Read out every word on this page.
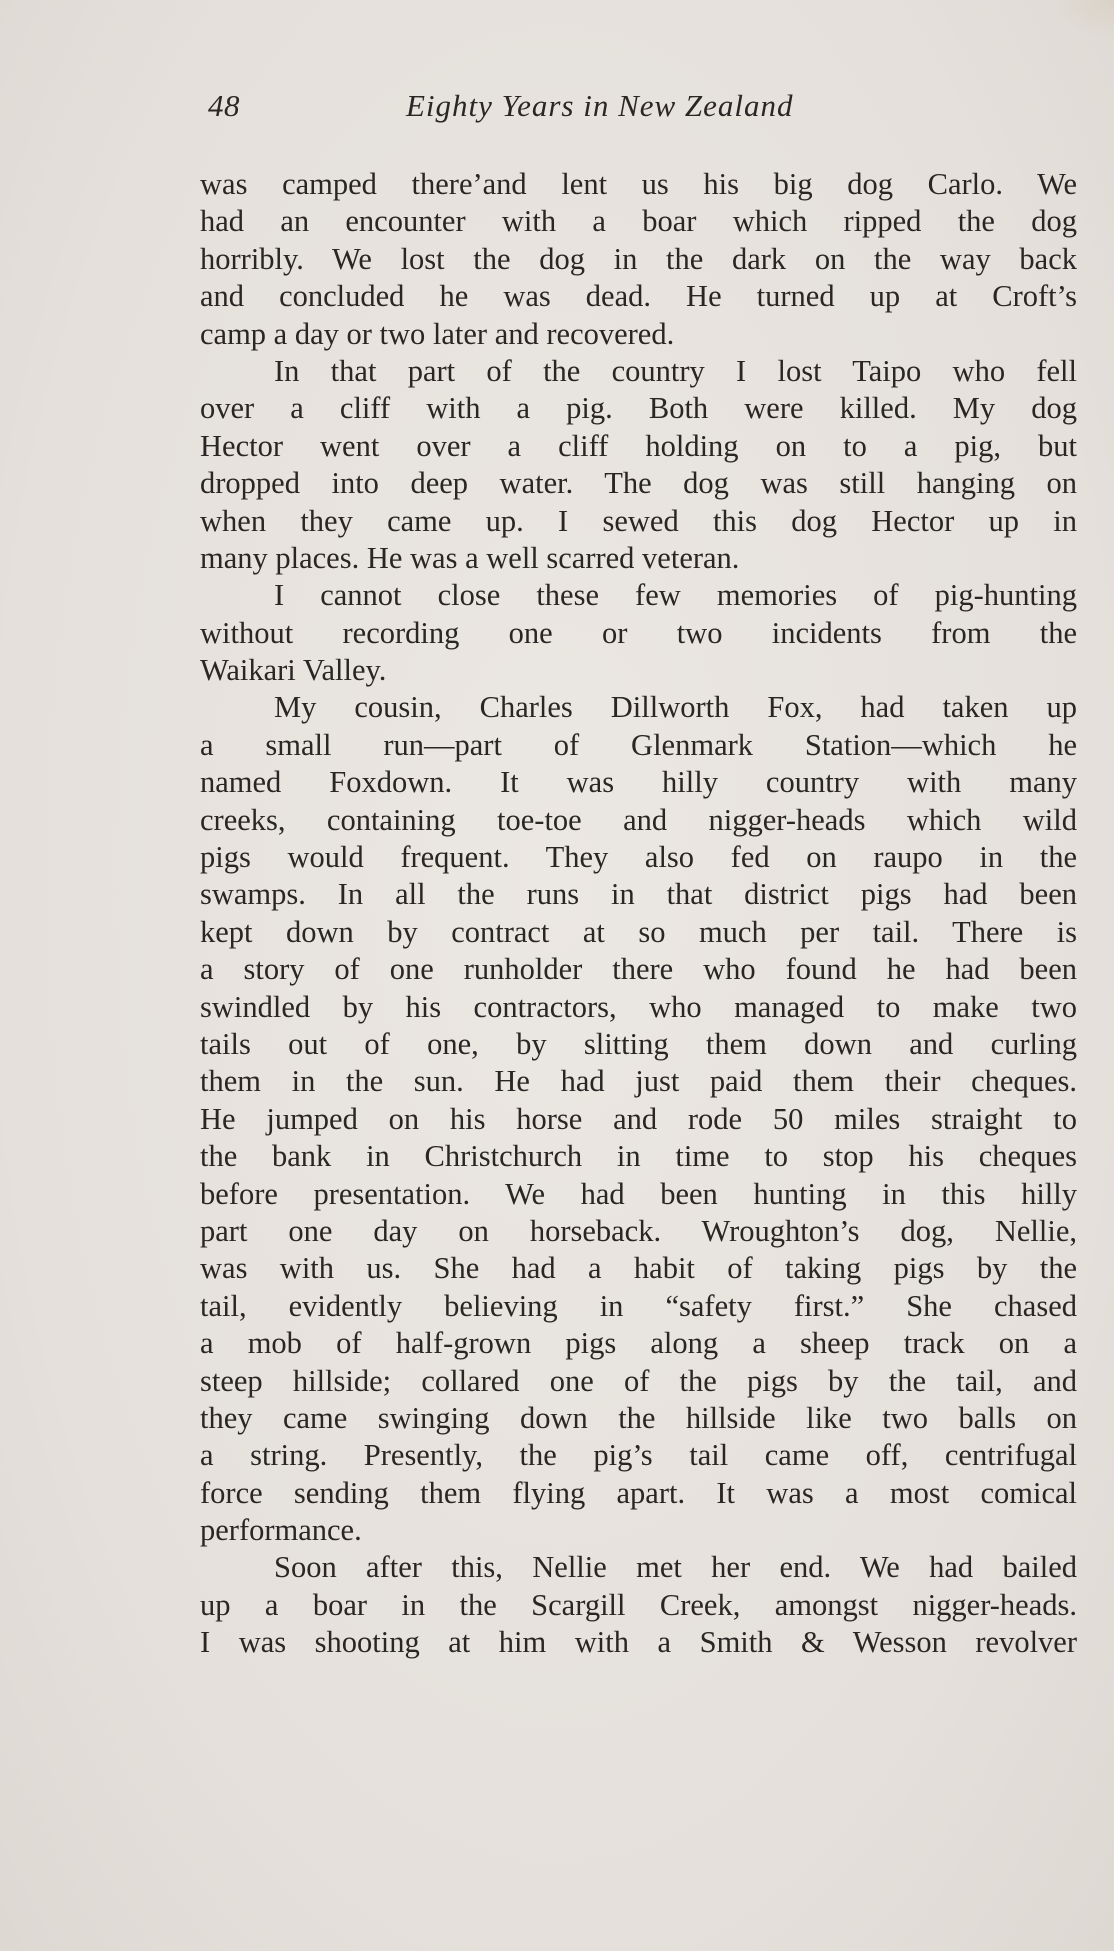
48	Eighty Years in New Zealand
was camped there’and lent us his big dog Carlo. We
had an encounter with a boar which ripped the dog
horribly. We lost the dog in the dark on the way back
and concluded he was dead. He turned up at Croft’s
camp a day or two later and recovered.
In that part of the country I lost Taipo who fell
over a cliff with a pig. Both were killed. My dog
Hector went over a cliff holding on to a pig, but
dropped into deep water. The dog was still hanging on
when they came up. I sewed this dog Hector up in
many places. He was a well scarred veteran.
I cannot close these few memories of pig-hunting
without recording one or two incidents from the
Waikari Valley.
My cousin, Charles Dillworth Fox, had taken up
a small run—part of Glenmark Station—which he
named Foxdown. It was hilly country with many
creeks, containing toe-toe and nigger-heads which wild
pigs would frequent. They also fed on raupo in the
swamps. In all the runs in that district pigs had been
kept down by contract at so much per tail. There is
a story of one runholder there who found he had been
swindled by his contractors, who managed to make two
tails out of one, by slitting them down and curling
them in the sun. He had just paid them their cheques.
He jumped on his horse and rode 50 miles straight to
the bank in Christchurch in time to stop his cheques
before presentation. We had been hunting in this hilly
part one day on horseback. Wroughton’s dog, Nellie,
was with us. She had a habit of taking pigs by the
tail, evidently believing in “safety first.” She chased
a mob of half-grown pigs along a sheep track on a
steep hillside; collared one of the pigs by the tail, and
they came swinging down the hillside like two balls on
a string. Presently, the pig’s tail came off, centrifugal
force sending them flying apart. It was a most comical
performance.
Soon after this, Nellie met her end. We had bailed
up a boar in the Scargill Creek, amongst nigger-heads.
I was shooting at him with a Smith & Wesson revolver
